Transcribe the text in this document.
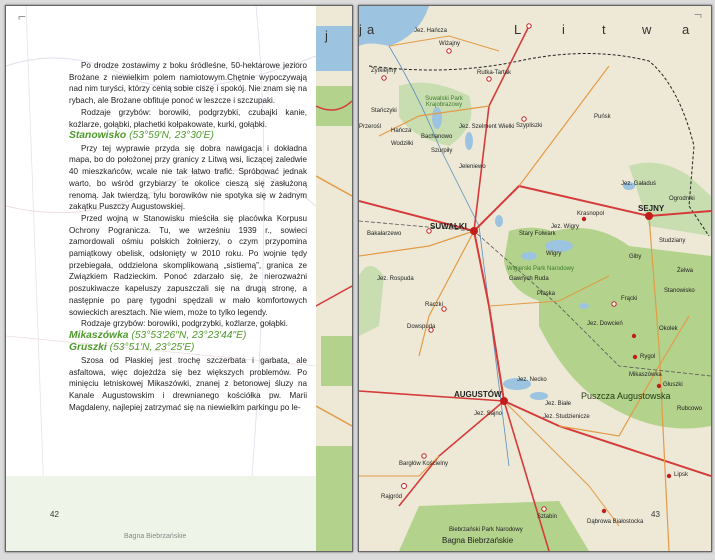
j
⌐
Bagna Biebrzańskie

Po drodze zostawimy z boku śródleśne, 50-hektarowe jezioro Brożane z niewielkim polem namiotowym.Chętnie wypoczywają nad nim turyści, którzy cenią sobie ciszę i spokój. Nie znam się na rybach, ale Brożane obfituje ponoć w leszcze i szczupaki.

Rodzaje grzybów: borowiki, podgrzybki, czubajki kanie, koźlarze, gołąbki, płachetki kołpakowate, kurki, gołąbki.

Stanowisko (53°59′N, 23°30′E)

Przy tej wyprawie przyda się dobra nawigacja i dokładna mapa, bo do położonej przy granicy z Litwą wsi, liczącej zaledwie 40 mieszkańców, wcale nie tak łatwo trafić. Spróbować jednak warto, bo wśród grzybiarzy te okolice cieszą się zasłużoną renomą. Jak twierdzą, tylu borowików nie spotyka się w żadnym zakątku Puszczy Augustowskiej.

Przed wojną w Stanowisku mieściła się placówka Korpusu Ochrony Pogranicza. Tu, we wrześniu 1939 r., sowieci zamordowali ośmiu polskich żołnierzy, o czym przypomina pamiątkowy obelisk, odsłonięty w 2010 roku. Po wojnie tędy przebiegała, oddzielona skomplikowaną „sistiemą”, granica ze Związkiem Radzieckim. Ponoć zdarzało się, że nierozważni poszukiwacze kapeluszy zapuszczali się na drugą stronę, a następnie po parę tygodni spędzali w mało komfortowych sowieckich aresztach. Nie wiem, może to tylko legendy.

Rodzaje grzybów: borowiki, podgrzybki, koźlarze, gołąbki.

Mikaszówka (53°53′26″N, 23°23′44″E)

Gruszki (53°51′N, 23°25′E)

Szosa od Płaskiej jest trochę szczerbata i garbata, ale asfaltowa, więc dojeżdża się bez większych problemów. Po minięciu letniskowej Mikaszówki, znanej z betonowej śluzy na Kanale Augustowskim i drewnianego kościółka pw. Marii Magdaleny, najlepiej zatrzymać się na niewielkim parkingu po le-

42
j a	L	i t w a
SUWAŁKI
SEJNY
AUGUSTÓW
Wiżajny
Żytkiejmy	Rutka-Tartak
Stańczyki
Przerośl
Hańcza
Bachanowo
Wodziłki
Szurpiły
Jeleniewo
Szypliszki
Puńsk
Krasnopol
Ogrodniki
Giby
Bakałarzewo	Stary Folwark
Wigry
Gawrych Ruda
Raczki
Dowspuda
Frącki
Płaska
Mikaszówka
Rygol
Głuszki
Rubcowo
Bargłów Kościelny
Rajgród
Sztabin
Dąbrowa Białostocka
Lipsk
Studziany
Żelwa
Stanowisko
Okolek
Suwalski Park Krajobrazowy
Wigierski Park Narodowy
Puszcza Augustowska
Biebrzański Park Narodowy
Bagna Biebrzańskie
Jez. Hańcza
Jez. Szelment Wielki
Jez. Wigry
Jez. Necko
Jez. Sajno
Jez. Białe
Jez. Rospuda
Jez. Gaładuś
Jez. Dowcień
Jez. Studzienicze
43
¬
